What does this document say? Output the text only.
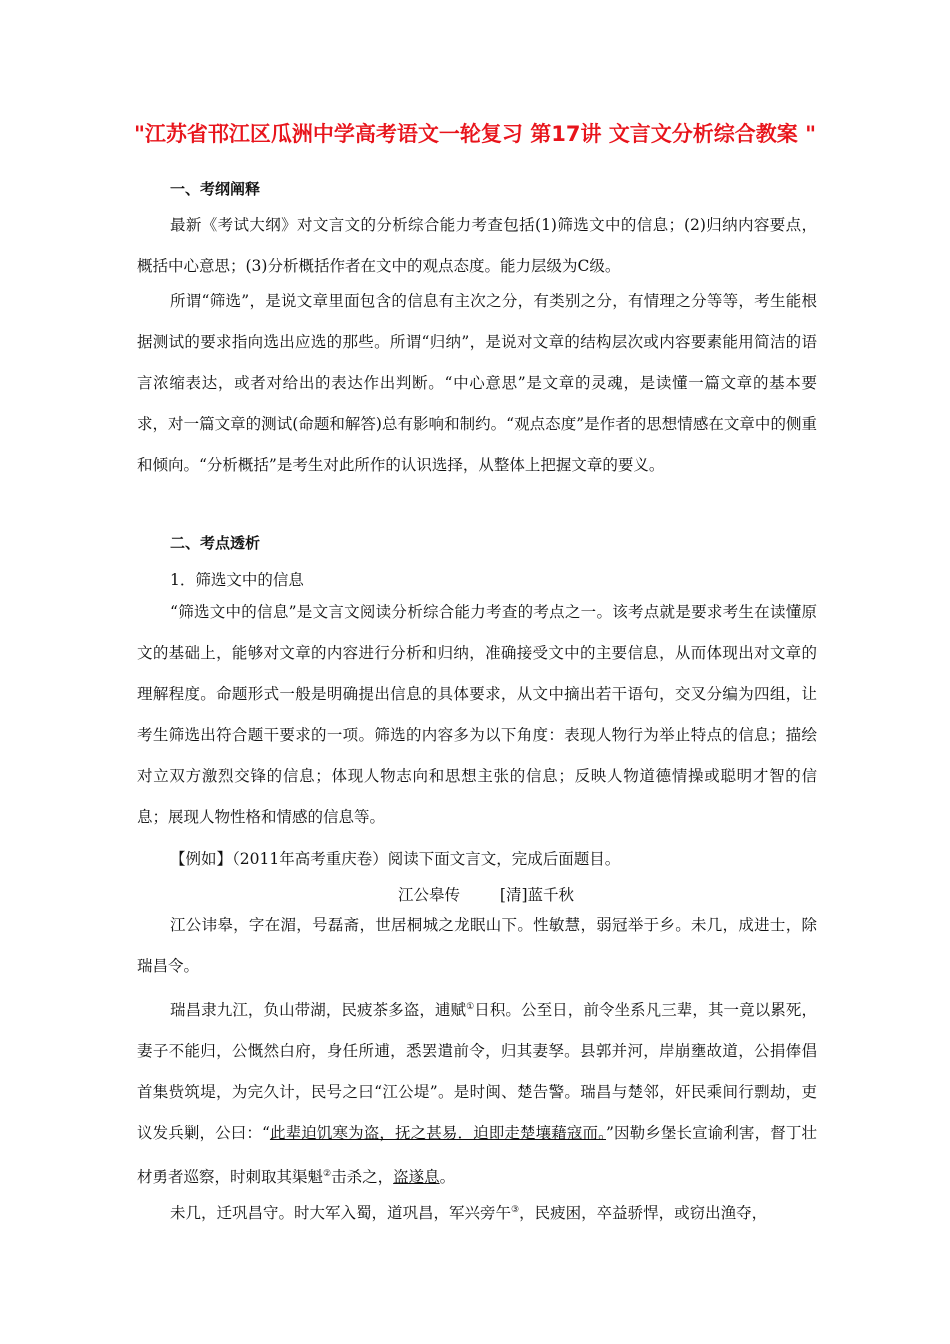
"江苏省邗江区瓜洲中学高考语文一轮复习 第17讲 文言文分析综合教案 "
一、考纲阐释

最新《考试大纲》对文言文的分析综合能力考查包括(1)筛选文中的信息；(2)归纳内容要点，概括中心意思；(3)分析概括作者在文中的观点态度。能力层级为C级。

所谓“筛选”，是说文章里面包含的信息有主次之分，有类别之分，有情理之分等等，考生能根据测试的要求指向选出应选的那些。所谓“归纳”，是说对文章的结构层次或内容要素能用简洁的语言浓缩表达，或者对给出的表达作出判断。“中心意思”是文章的灵魂，是读懂一篇文章的基本要求，对一篇文章的测试(命题和解答)总有影响和制约。“观点态度”是作者的思想情感在文章中的侧重和倾向。“分析概括”是考生对此所作的认识选择，从整体上把握文章的要义。

二、考点透析
1．筛选文中的信息

“筛选文中的信息”是文言文阅读分析综合能力考查的考点之一。该考点就是要求考生在读懂原文的基础上，能够对文章的内容进行分析和归纳，准确接受文中的主要信息，从而体现出对文章的理解程度。命题形式一般是明确提出信息的具体要求，从文中摘出若干语句，交叉分编为四组，让考生筛选出符合题干要求的一项。筛选的内容多为以下角度：表现人物行为举止特点的信息；描绘对立双方激烈交锋的信息；体现人物志向和思想主张的信息；反映人物道德情操或聪明才智的信息；展现人物性格和情感的信息等。

【例如】（2011年高考重庆卷）阅读下面文言文，完成后面题目。
江公皋传	[清]蓝千秋

江公讳皋，字在湄，号磊斋，世居桐城之龙眠山下。性敏慧，弱冠举于乡。未几，成进士，除瑞昌令。

瑞昌隶九江，负山带湖，民疲茶多盗，逋赋①日积。公至日，前令坐系凡三辈，其一竟以累死，妻子不能归，公慨然白府，身任所逋，悉罢遣前令，归其妻孥。县郭并河，岸崩壅故道，公捐俸倡首集赀筑堤，为完久计，民号之曰“江公堤”。是时闽、楚告警。瑞昌与楚邻，奸民乘间行剽劫，吏议发兵剿，公曰：“此辈迫饥寒为盗，抚之甚易．迫即走楚壤藉寇而。”因勒乡堡长宣谕利害，督丁壮材勇者巡察，时刺取其渠魁②击杀之，盗遂息。

未几，迁巩昌守。时大军入蜀，道巩昌，军兴旁午③，民疲困，卒益骄悍，或窃出渔夺，
